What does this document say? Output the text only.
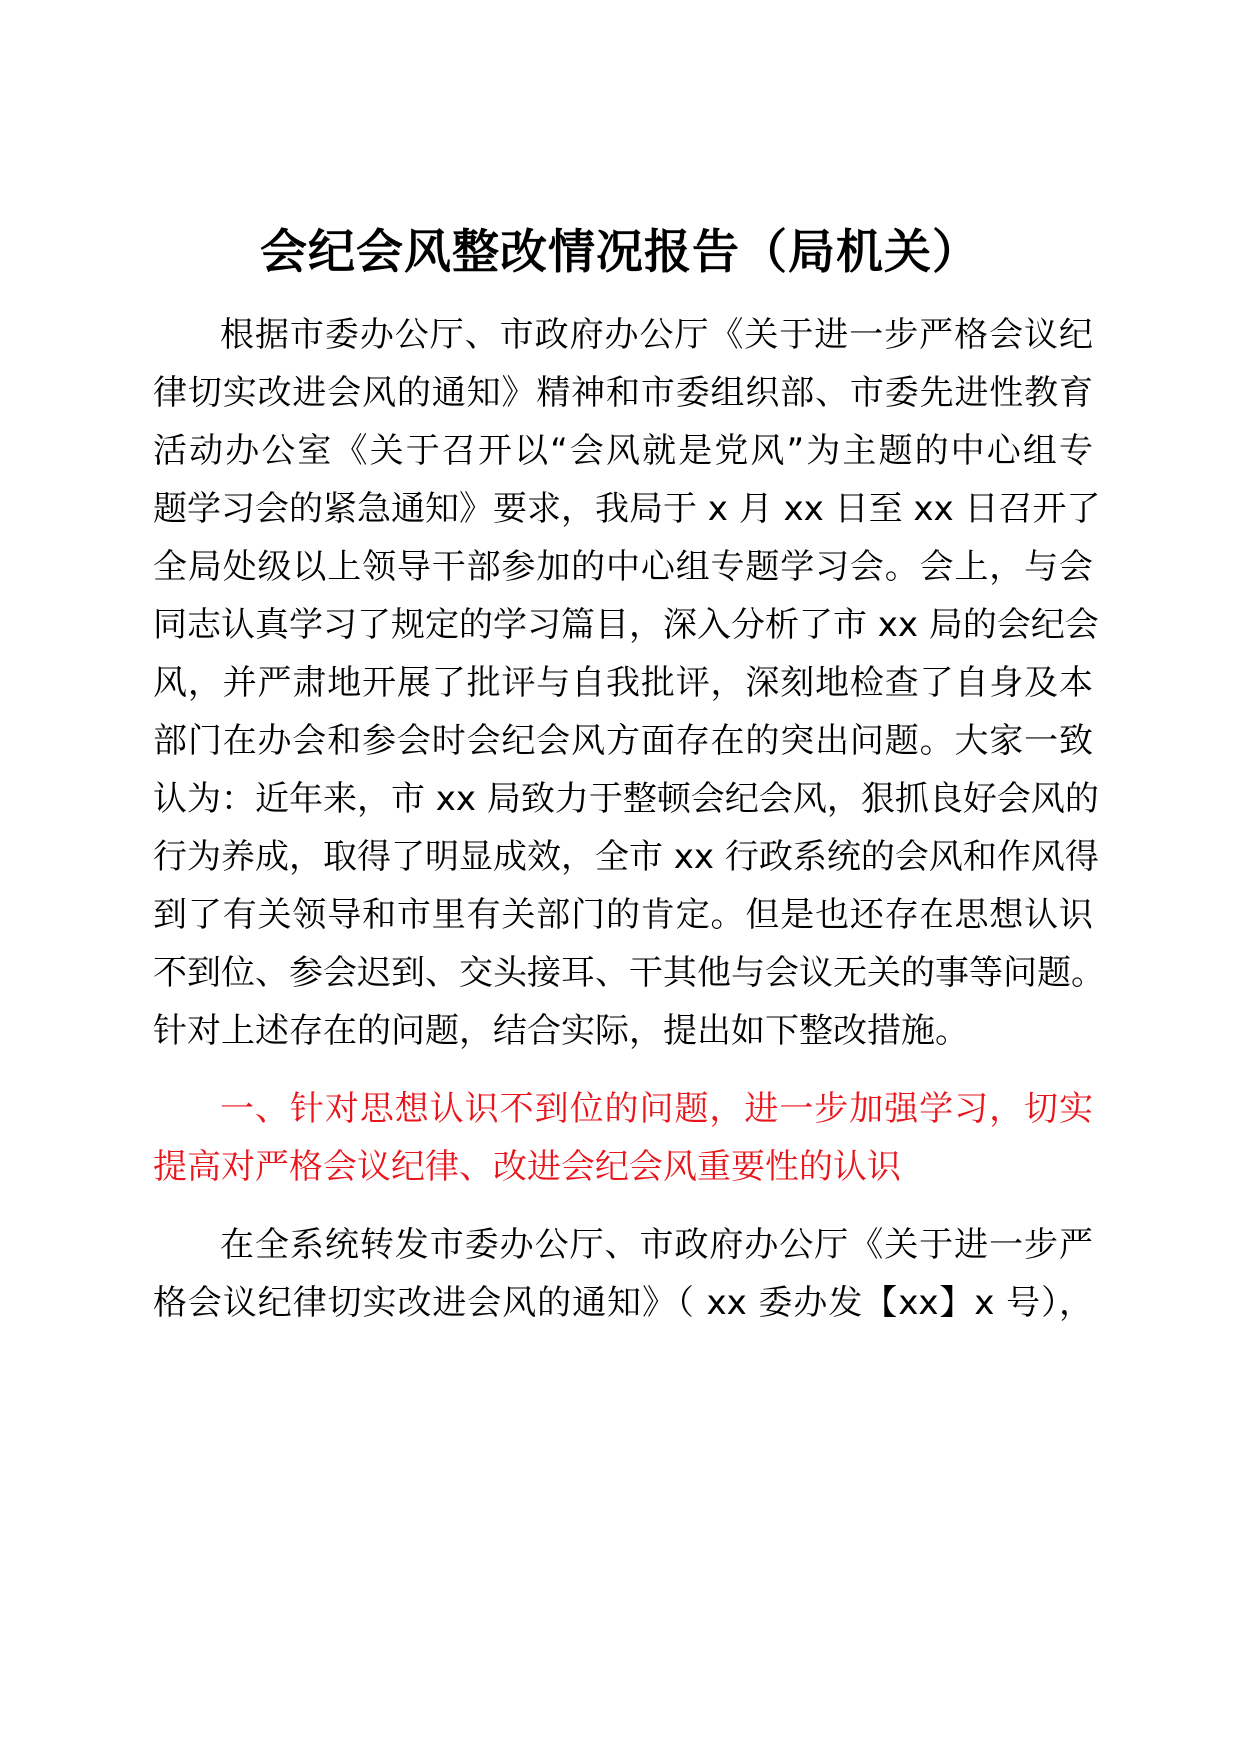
会纪会风整改情况报告（局机关）
根据市委办公厅、市政府办公厅《关于进一步严格会议纪
律切实改进会风的通知》精神和市委组织部、市委先进性教育
活动办公室《关于召开以“会风就是党风”为主题的中心组专
题学习会的紧急通知》要求，我局于 x 月 xx 日至 xx 日召开了
全局处级以上领导干部参加的中心组专题学习会。会上，与会
同志认真学习了规定的学习篇目，深入分析了市 xx 局的会纪会
风，并严肃地开展了批评与自我批评，深刻地检查了自身及本
部门在办会和参会时会纪会风方面存在的突出问题。大家一致
认为：近年来，市 xx 局致力于整顿会纪会风，狠抓良好会风的
行为养成，取得了明显成效，全市 xx 行政系统的会风和作风得
到了有关领导和市里有关部门的肯定。但是也还存在思想认识
不到位、参会迟到、交头接耳、干其他与会议无关的事等问题。
针对上述存在的问题，结合实际，提出如下整改措施。
一、针对思想认识不到位的问题，进一步加强学习，切实
提高对严格会议纪律、改进会纪会风重要性的认识
在全系统转发市委办公厅、市政府办公厅《关于进一步严
格会议纪律切实改进会风的通知》（ xx 委办发【xx】x 号），
